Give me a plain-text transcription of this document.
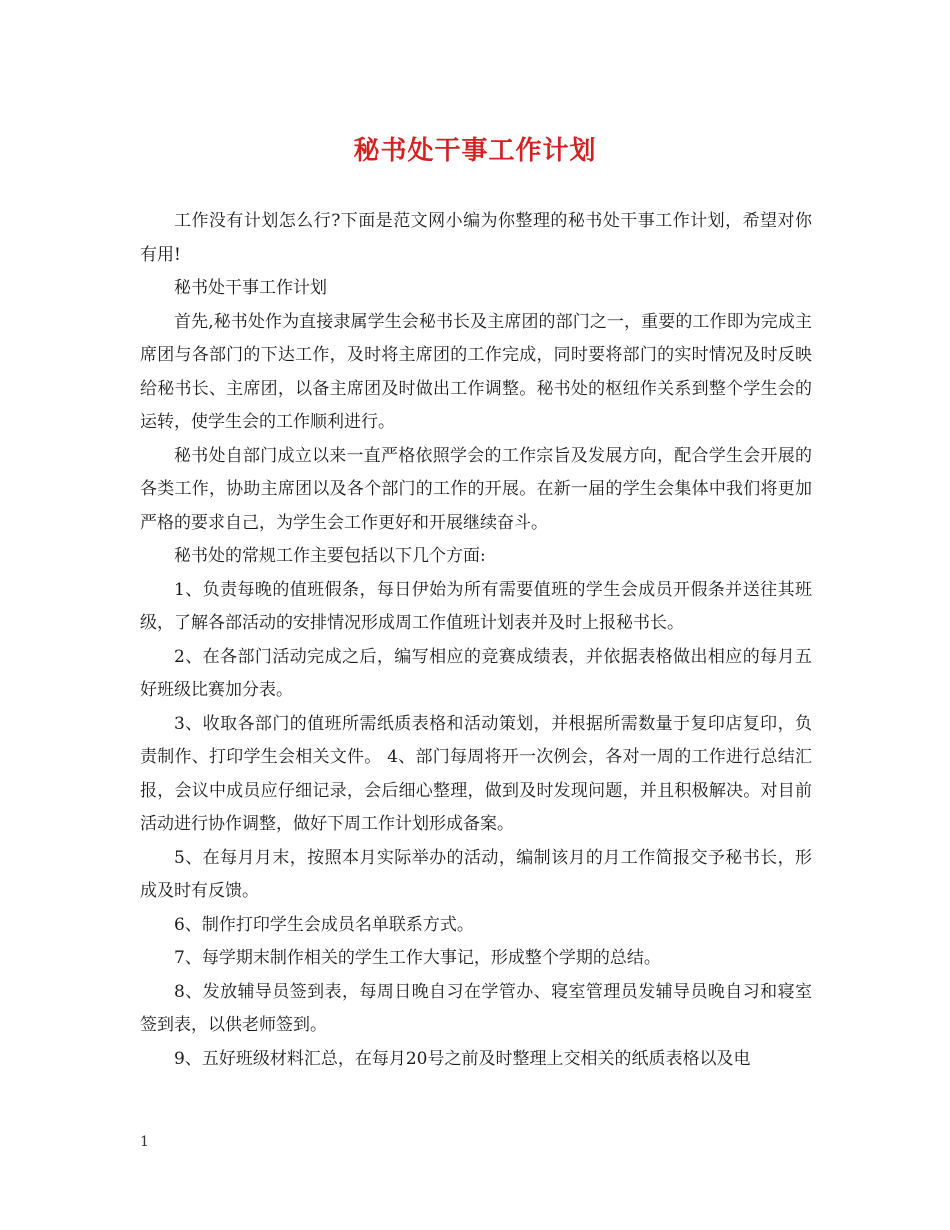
秘书处干事工作计划

工作没有计划怎么行?下面是范文网小编为你整理的秘书处干事工作计划，希望对你有用!

秘书处干事工作计划

首先,秘书处作为直接隶属学生会秘书长及主席团的部门之一，重要的工作即为完成主席团与各部门的下达工作，及时将主席团的工作完成，同时要将部门的实时情况及时反映给秘书长、主席团，以备主席团及时做出工作调整。秘书处的枢纽作关系到整个学生会的运转，使学生会的工作顺利进行。

秘书处自部门成立以来一直严格依照学会的工作宗旨及发展方向，配合学生会开展的各类工作，协助主席团以及各个部门的工作的开展。在新一届的学生会集体中我们将更加严格的要求自己，为学生会工作更好和开展继续奋斗。

秘书处的常规工作主要包括以下几个方面:

1、负责每晚的值班假条，每日伊始为所有需要值班的学生会成员开假条并送往其班级，了解各部活动的安排情况形成周工作值班计划表并及时上报秘书长。

2、在各部门活动完成之后，编写相应的竞赛成绩表，并依据表格做出相应的每月五好班级比赛加分表。

3、收取各部门的值班所需纸质表格和活动策划，并根据所需数量于复印店复印，负责制作、打印学生会相关文件。 4、部门每周将开一次例会，各对一周的工作进行总结汇报，会议中成员应仔细记录，会后细心整理，做到及时发现问题，并且积极解决。对目前活动进行协作调整，做好下周工作计划形成备案。

5、在每月月末，按照本月实际举办的活动，编制该月的月工作简报交予秘书长，形成及时有反馈。

6、制作打印学生会成员名单联系方式。

7、每学期末制作相关的学生工作大事记，形成整个学期的总结。

8、发放辅导员签到表，每周日晚自习在学管办、寝室管理员发辅导员晚自习和寝室签到表，以供老师签到。

9、五好班级材料汇总，在每月20号之前及时整理上交相关的纸质表格以及电

1
